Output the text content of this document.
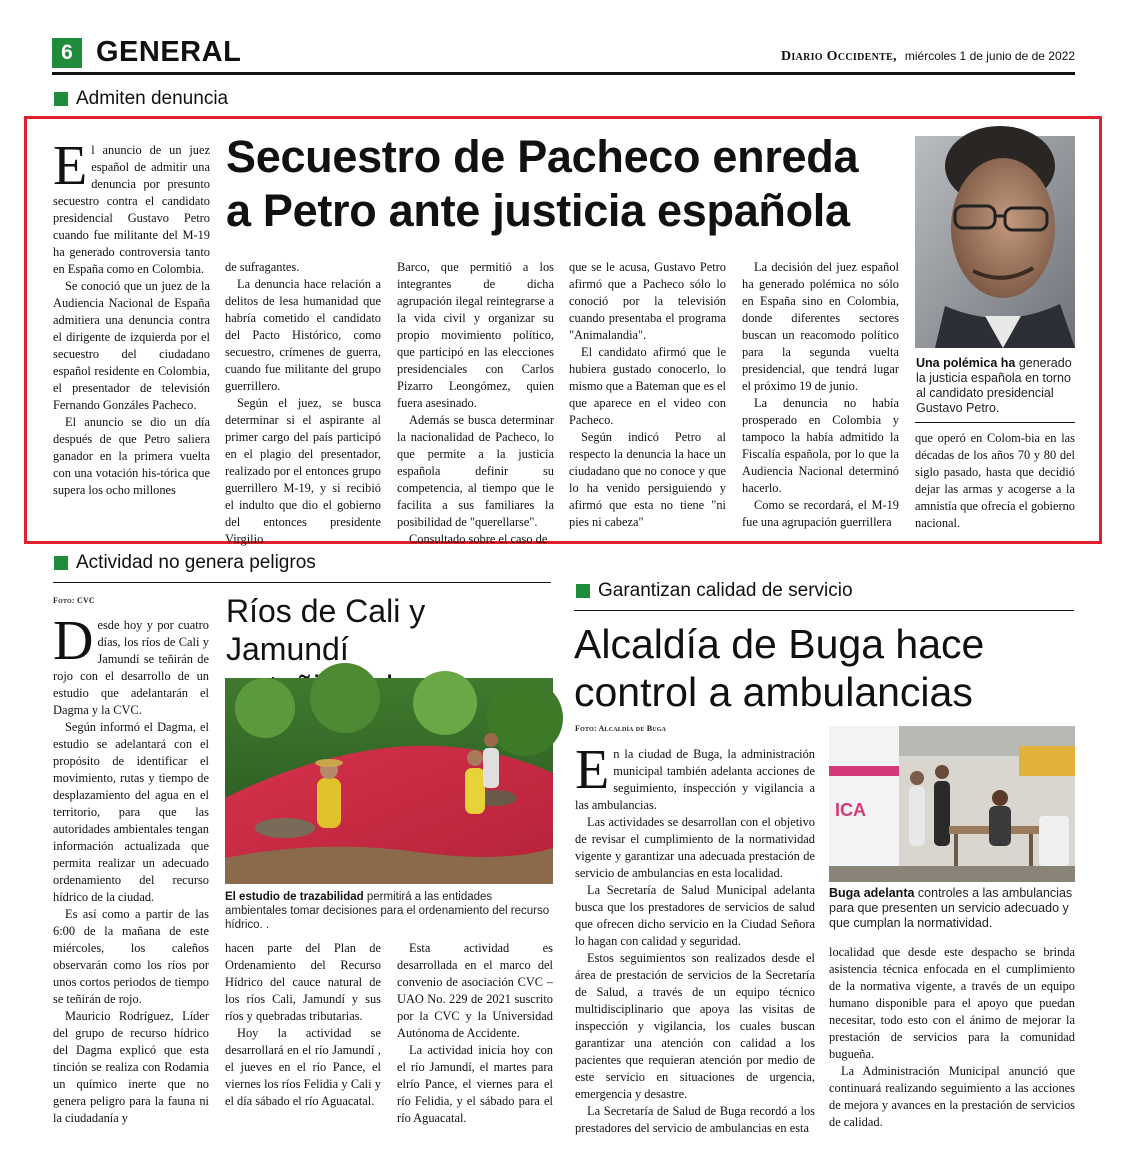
6 GENERAL	Diario Occidente, miércoles 1 de junio de de 2022
Admiten denuncia
Secuestro de Pacheco enreda
a Petro ante justicia española

El anuncio de un juez español de admitir una denuncia por presunto secuestro contra el candidato presidencial Gustavo Petro cuando fue militante del M-19 ha generado controversia tanto en España como en Colombia.

Se conoció que un juez de la Audiencia Nacional de España admitiera una denuncia contra el dirigente de izquierda por el secuestro del ciudadano español residente en Colombia, el presentador de televisión Fernando Gonzáles Pacheco.

El anuncio se dio un día después de que Petro saliera ganador en la primera vuelta con una votación his-tórica que supera los ocho millones

de sufragantes.

La denuncia hace relación a delitos de lesa humanidad que habría cometido el candidato del Pacto Histórico, como secuestro, crímenes de guerra, cuando fue militante del grupo guerrillero.

Según el juez, se busca determinar si el aspirante al primer cargo del país participó en el plagio del presentador, realizado por el entonces grupo guerrillero M-19, y si recibió el indulto que dio el gobierno del entonces presidente Virgilio

Barco, que permitió a los integrantes de dicha agrupación ilegal reintegrarse a la vida civil y organizar su propio movimiento político, que participó en las elecciones presidenciales con Carlos Pizarro Leongómez, quien fuera asesinado.

Además se busca determinar la nacionalidad de Pacheco, lo que permite a la justicia española definir su competencia, al tiempo que le facilita a sus familiares la posibilidad de "querellarse".

Consultado sobre el caso de

que se le acusa, Gustavo Petro afirmó que a Pacheco sólo lo conoció por la televisión cuando presentaba el programa "Animalandia".

El candidato afirmó que le hubiera gustado conocerlo, lo mismo que a Bateman que es el que aparece en el video con Pacheco.

Según indicó Petro al respecto la denuncia la hace un ciudadano que no conoce y que lo ha venido persiguiendo y afirmó que esta no tiene "ni pies ni cabeza"

La decisión del juez español ha generado polémica no sólo en España sino en Colombia, donde diferentes sectores buscan un reacomodo político para la segunda vuelta presidencial, que tendrá lugar el próximo 19 de junio.

La denuncia no había prosperado en Colombia y tampoco la había admitido la Fiscalía española, por lo que la Audiencia Nacional determinó hacerlo.

Como se recordará, el M-19 fue una agrupación guerrillera

Una polémica ha generado la justicia española en torno al candidato presidencial Gustavo Petro.

que operó en Colom-bia en las décadas de los años 70 y 80 del siglo pasado, hasta que decidió dejar las armas y acogerse a la amnistía que ofrecía el gobierno nacional.

Actividad no genera peligros
Foto: CVC	Ríos de Cali y Jamundí

Desde hoy y por cuatro días, los ríos de Cali y Jamundí se teñirán de rojo con el desarrollo de un estudio que adelantarán el Dagma y la CVC.

Según informó el Dagma, el estudio se adelantará con el propósito de identificar el movimiento, rutas y tiempo de desplazamiento del agua en el territorio, para que las autoridades ambientales tengan información actualizada que permita realizar un adecuado ordenamiento del recurso hídrico de la ciudad.

Es así como a partir de las 6:00 de la mañana de este miércoles, los caleños observarán como los ríos por unos cortos periodos de tiempo se teñirán de rojo.

Mauricio Rodríguez, Líder del grupo de recurso hídrico del Dagma explicó que esta tinción se realiza con Rodamia un químico inerte que no genera peligro para la fauna ni la ciudadanía y

El estudio de trazabilidad permitirá a las entidades ambientales tomar decisiones para el ordenamiento del recurso hídrico. .

hacen parte del Plan de Ordenamiento del Recurso Hídrico del cauce natural de los ríos Cali, Jamundí y sus ríos y quebradas tributarias.

Hoy la actividad se desarrollará en el río Jamundí , el jueves en el río Pance, el viernes los ríos Felidia y Cali y el día sábado el río Aguacatal.

Esta actividad es desarrollada en el marco del convenio de asociación CVC – UAO No. 229 de 2021 suscrito por la CVC y la Universidad Autónoma de Accidente.

La actividad inicia hoy con el río Jamundí, el martes para elrío Pance, el viernes para el río Felidia, y el sábado para el río Aguacatal.

Garantizan calidad de servicio
Alcaldía de Buga hace
control a ambulancias
Foto: Alcaldía de Buga

En la ciudad de Buga, la administración municipal también adelanta acciones de seguimiento, inspección y vigilancia a las ambulancias.

Las actividades se desarrollan con el objetivo de revisar el cumplimiento de la normatividad vigente y garantizar una adecuada prestación de servicio de ambulancias en esta localidad.

La Secretaría de Salud Municipal adelanta busca que los prestadores de servicios de salud que ofrecen dicho servicio en la Ciudad Señora lo hagan con calidad y seguridad.

Estos seguimientos son realizados desde el área de prestación de servicios de la Secretaría de Salud, a través de un equipo técnico multidisciplinario que apoya las visitas de inspección y vigilancia, los cuales buscan garantizar una atención con calidad a los pacientes que requieran atención por medio de este servicio en situaciones de urgencia, emergencia y desastre.

La Secretaría de Salud de Buga recordó a los prestadores del servicio de ambulancias en esta

ICA
Buga adelanta controles a las ambulancias para que presenten un servicio adecuado y que cumplan la normatividad.

localidad que desde este despacho se brinda asistencia técnica enfocada en el cumplimiento de la normativa vigente, a través de un equipo humano disponible para el apoyo que puedan necesitar, todo esto con el ánimo de mejorar la prestación de servicios para la comunidad bugueña.

La Administración Municipal anunció que continuará realizando seguimiento a las acciones de mejora y avances en la prestación de servicios de calidad.
